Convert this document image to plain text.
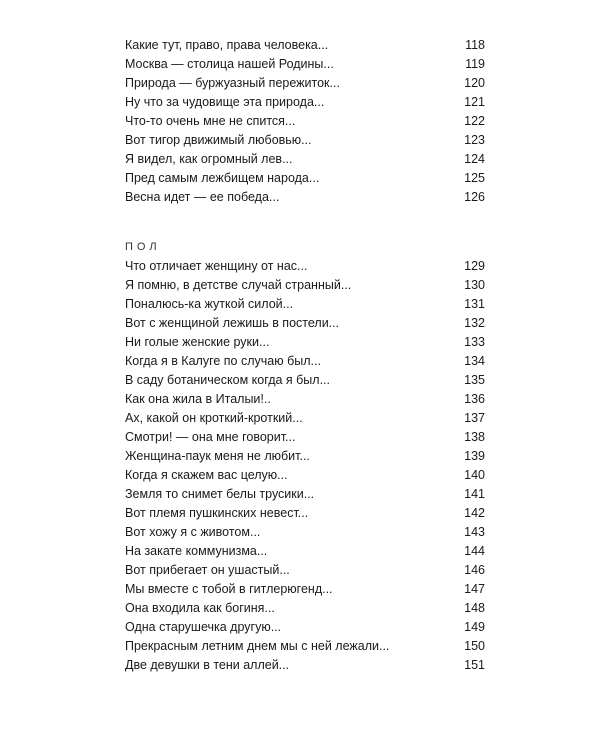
Какие тут, право, права человека...	118
Москва — столица нашей Родины...	119
Природа — буржуазный пережиток...	120
Ну что за чудовище эта природа...	121
Что-то очень мне не спится...	122
Вот тигор движимый любовью...	123
Я видел, как огромный лев...	124
Пред самым лежбищем народа...	125
Весна идет — ее победа...	126
ПОЛ
Что отличает женщину от нас...	129
Я помню, в детстве случай странный...	130
Поналюсь-ка жуткой силой...	131
Вот с женщиной лежишь в постели...	132
Ни голые женские руки...	133
Когда я в Калуге по случаю был...	134
В саду ботаническом когда я был...	135
Как она жила в Италыи!..	136
Ах, какой он кроткий-кроткий...	137
Смотри! — она мне говорит...	138
Женщина-паук меня не любит...	139
Когда я скажем вас целую...	140
Земля то снимет белы трусики...	141
Вот племя пушкинских невест...	142
Вот хожу я с животом...	143
На закате коммунизма...	144
Вот прибегает он ушастый...	146
Мы вместе с тобой в гитлерюгенд...	147
Она входила как богиня...	148
Одна старушечка другую...	149
Прекрасным летним днем мы с ней лежали...	150
Две девушки в тени аллей...	151
